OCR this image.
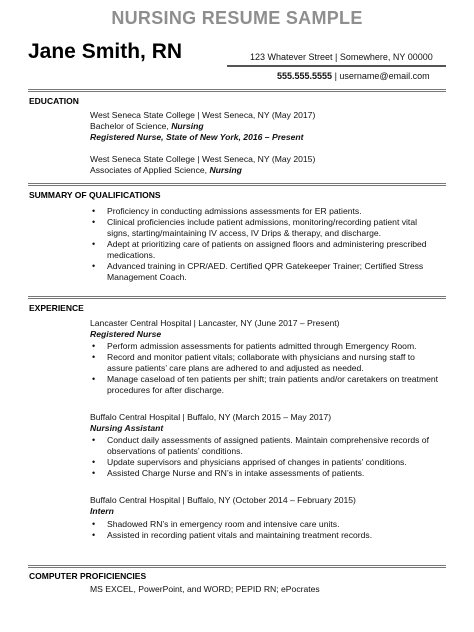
NURSING RESUME SAMPLE
Jane Smith, RN	123 Whatever Street | Somewhere, NY 00000
555.555.5555 | username@email.com
EDUCATION
West Seneca State College | West Seneca, NY (May 2017)
Bachelor of Science, Nursing
Registered Nurse, State of New York, 2016 – Present
West Seneca State College | West Seneca, NY (May 2015)
Associates of Applied Science, Nursing
SUMMARY OF QUALIFICATIONS
• Proficiency in conducting admissions assessments for ER patients.
• Clinical proficiencies include patient admissions, monitoring/recording patient vital signs, starting/maintaining IV access, IV Drips & therapy, and discharge.
• Adept at prioritizing care of patients on assigned floors and administering prescribed medications.
• Advanced training in CPR/AED. Certified QPR Gatekeeper Trainer; Certified Stress Management Coach.
EXPERIENCE
Lancaster Central Hospital | Lancaster, NY (June 2017 – Present)
Registered Nurse
• Perform admission assessments for patients admitted through Emergency Room.
• Record and monitor patient vitals; collaborate with physicians and nursing staff to assure patients’ care plans are adhered to and adjusted as needed.
• Manage caseload of ten patients per shift; train patients and/or caretakers on treatment procedures for after discharge.
Buffalo Central Hospital | Buffalo, NY (March 2015 – May 2017)
Nursing Assistant
• Conduct daily assessments of assigned patients. Maintain comprehensive records of observations of patients’ conditions.
• Update supervisors and physicians apprised of changes in patients’ conditions.
• Assisted Charge Nurse and RN’s in intake assessments of patients.
Buffalo Central Hospital | Buffalo, NY (October 2014 – February 2015)
Intern
• Shadowed RN’s in emergency room and intensive care units.
• Assisted in recording patient vitals and maintaining treatment records.
COMPUTER PROFICIENCIES
MS EXCEL, PowerPoint, and WORD; PEPID RN; ePocrates
